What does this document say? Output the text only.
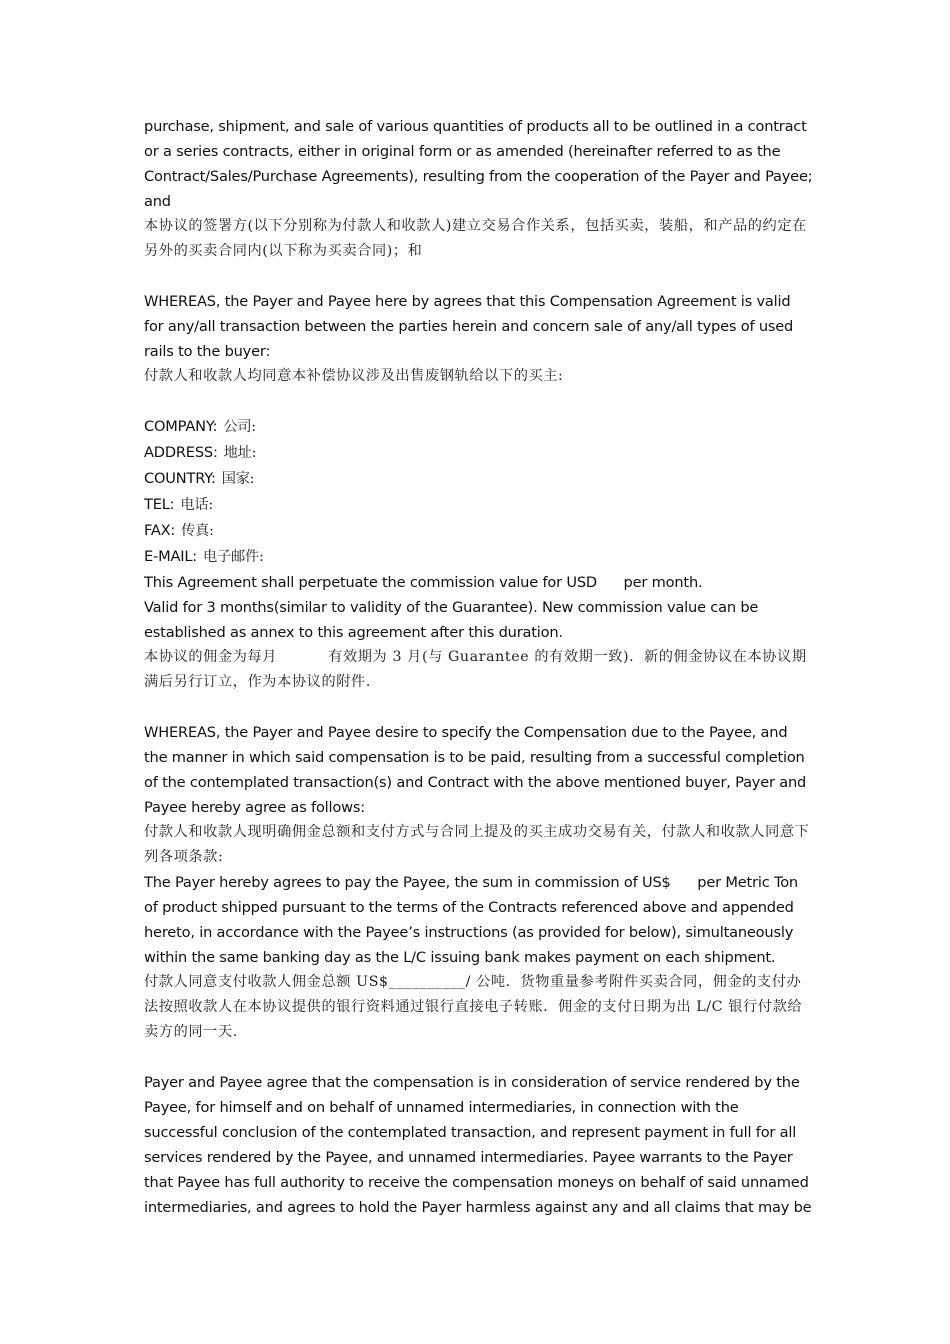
purchase, shipment, and sale of various quantities of products all to be outlined in a contract or a series contracts, either in original form or as amended (hereinafter referred to as the Contract/Sales/Purchase Agreements), resulting from the cooperation of the Payer and Payee; and

本协议的签署方(以下分别称为付款人和收款人)建立交易合作关系，包括买卖，装船，和产品的约定在另外的买卖合同内(以下称为买卖合同)；和

WHEREAS, the Payer and Payee here by agrees that this Compensation Agreement is valid for any/all transaction between the parties herein and concern sale of any/all types of used rails to the buyer:

付款人和收款人均同意本补偿协议涉及出售废钢轨给以下的买主:

COMPANY: 公司:

ADDRESS: 地址:

COUNTRY: 国家:

TEL: 电话:

FAX: 传真:

E-MAIL: 电子邮件:

This Agreement shall perpetuate the commission value for USD      per month.

Valid for 3 months(similar to validity of the Guarantee). New commission value can be established as annex to this agreement after this duration.

本协议的佣金为每月          有效期为 3 月(与 Guarantee 的有效期一致)．新的佣金协议在本协议期满后另行订立，作为本协议的附件.

WHEREAS, the Payer and Payee desire to specify the Compensation due to the Payee, and the manner in which said compensation is to be paid, resulting from a successful completion of the contemplated transaction(s) and Contract with the above mentioned buyer, Payer and Payee hereby agree as follows:

付款人和收款人现明确佣金总额和支付方式与合同上提及的买主成功交易有关，付款人和收款人同意下列各项条款:

The Payer hereby agrees to pay the Payee, the sum in commission of US$      per Metric Ton of product shipped pursuant to the terms of the Contracts referenced above and appended hereto, in accordance with the Payee’s instructions (as provided for below), simultaneously within the same banking day as the L/C issuing bank makes payment on each shipment.

付款人同意支付收款人佣金总额 US$__________/ 公吨．货物重量参考附件买卖合同，佣金的支付办法按照收款人在本协议提供的银行资料通过银行直接电子转账．佣金的支付日期为出 L/C 银行付款给卖方的同一天.

Payer and Payee agree that the compensation is in consideration of service rendered by the Payee, for himself and on behalf of unnamed intermediaries, in connection with the successful conclusion of the contemplated transaction, and represent payment in full for all services rendered by the Payee, and unnamed intermediaries. Payee warrants to the Payer that Payee has full authority to receive the compensation moneys on behalf of said unnamed intermediaries, and agrees to hold the Payer harmless against any and all claims that may be
